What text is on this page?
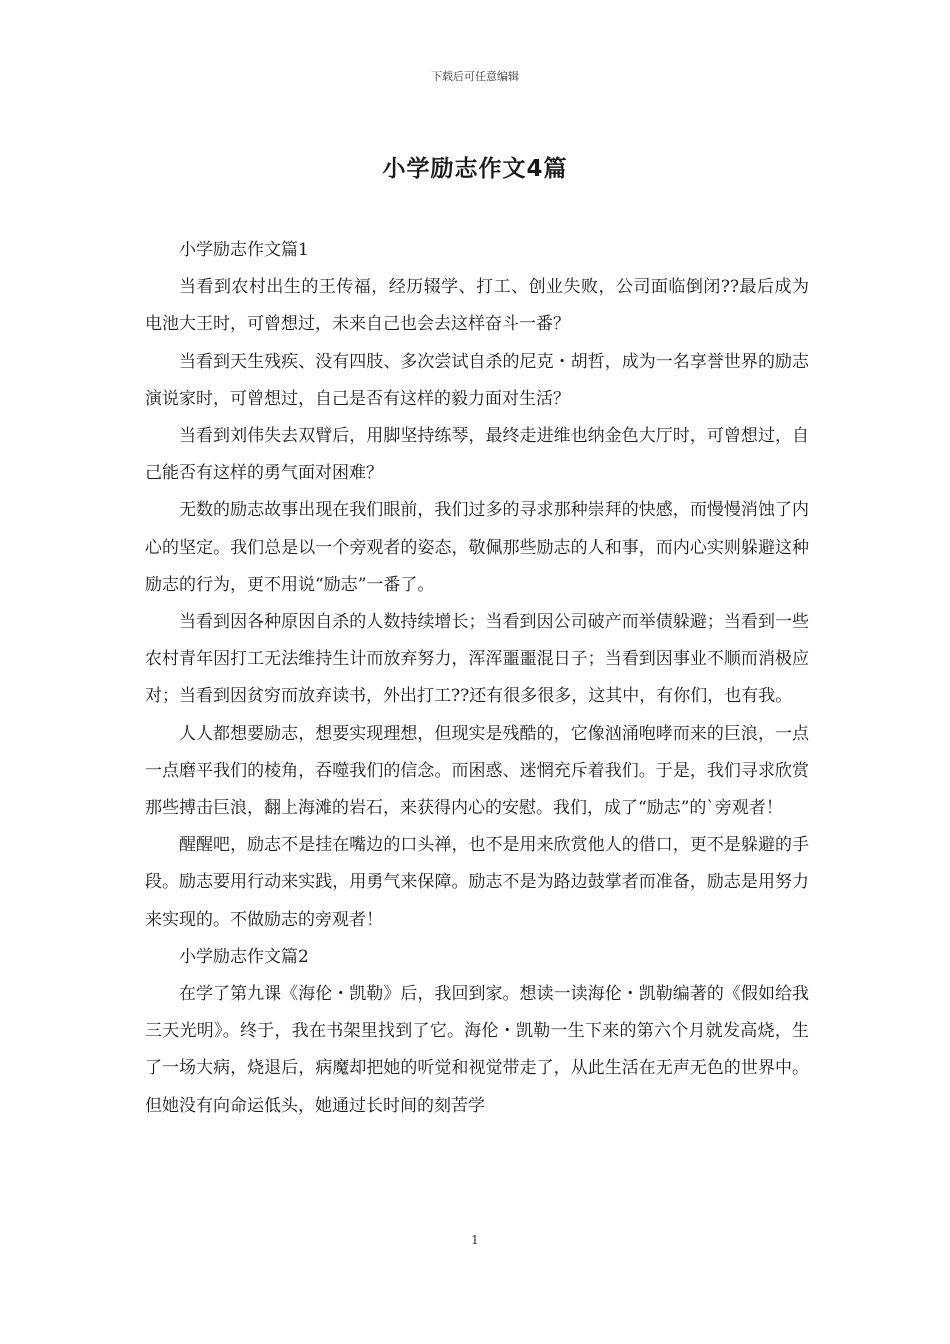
下载后可任意编辑
小学励志作文4篇

小学励志作文篇1

当看到农村出生的王传福，经历辍学、打工、创业失败，公司面临倒闭??最后成为电池大王时，可曾想过，未来自己也会去这样奋斗一番？

当看到天生残疾、没有四肢、多次尝试自杀的尼克・胡哲，成为一名享誉世界的励志演说家时，可曾想过，自己是否有这样的毅力面对生活？

当看到刘伟失去双臂后，用脚坚持练琴，最终走进维也纳金色大厅时，可曾想过，自己能否有这样的勇气面对困难？

无数的励志故事出现在我们眼前，我们过多的寻求那种崇拜的快感，而慢慢消蚀了内心的坚定。我们总是以一个旁观者的姿态，敬佩那些励志的人和事，而内心实则躲避这种励志的行为，更不用说“励志”一番了。

当看到因各种原因自杀的人数持续增长；当看到因公司破产而举债躲避；当看到一些农村青年因打工无法维持生计而放弃努力，浑浑噩噩混日子；当看到因事业不顺而消极应对；当看到因贫穷而放弃读书，外出打工??还有很多很多，这其中，有你们，也有我。

人人都想要励志，想要实现理想，但现实是残酷的，它像汹涌咆哮而来的巨浪，一点一点磨平我们的棱角，吞噬我们的信念。而困惑、迷惘充斥着我们。于是，我们寻求欣赏那些搏击巨浪，翻上海滩的岩石，来获得内心的安慰。我们，成了“励志”的`旁观者！

醒醒吧，励志不是挂在嘴边的口头禅，也不是用来欣赏他人的借口，更不是躲避的手段。励志要用行动来实践，用勇气来保障。励志不是为路边鼓掌者而准备，励志是用努力来实现的。不做励志的旁观者！

小学励志作文篇2

在学了第九课《海伦・凯勒》后，我回到家。想读一读海伦・凯勒编著的《假如给我三天光明》。终于，我在书架里找到了它。海伦・凯勒一生下来的第六个月就发高烧，生了一场大病，烧退后，病魔却把她的听觉和视觉带走了，从此生活在无声无色的世界中。但她没有向命运低头，她通过长时间的刻苦学

1
